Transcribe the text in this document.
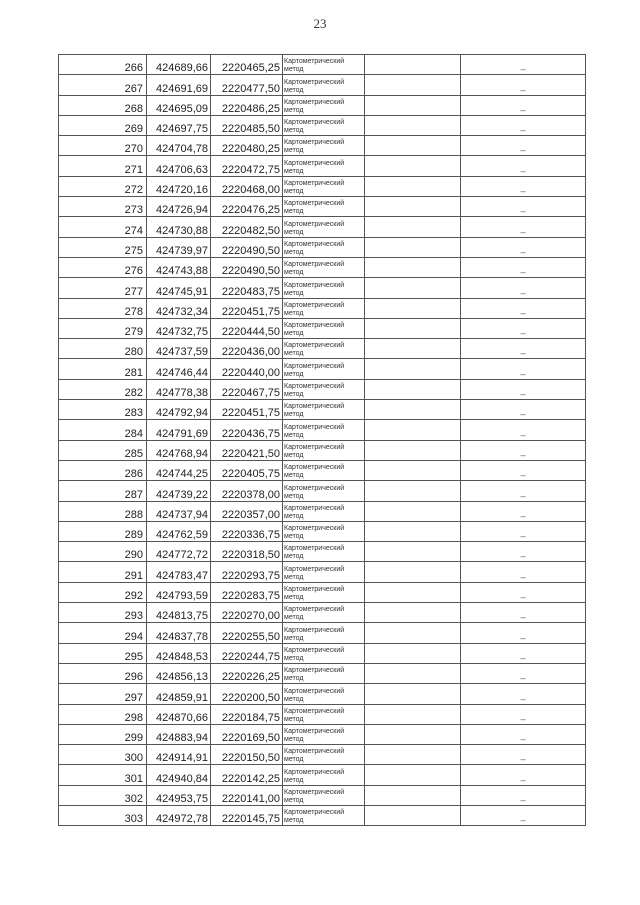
23
266	424689,66	2220465,25	Картометрический
метод		–
267	424691,69	2220477,50	Картометрический
метод		–
268	424695,09	2220486,25	Картометрический
метод		–
269	424697,75	2220485,50	Картометрический
метод		–
270	424704,78	2220480,25	Картометрический
метод		–
271	424706,63	2220472,75	Картометрический
метод		–
272	424720,16	2220468,00	Картометрический
метод		–
273	424726,94	2220476,25	Картометрический
метод		–
274	424730,88	2220482,50	Картометрический
метод		–
275	424739,97	2220490,50	Картометрический
метод		–
276	424743,88	2220490,50	Картометрический
метод		–
277	424745,91	2220483,75	Картометрический
метод		–
278	424732,34	2220451,75	Картометрический
метод		–
279	424732,75	2220444,50	Картометрический
метод		–
280	424737,59	2220436,00	Картометрический
метод		–
281	424746,44	2220440,00	Картометрический
метод		–
282	424778,38	2220467,75	Картометрический
метод		–
283	424792,94	2220451,75	Картометрический
метод		–
284	424791,69	2220436,75	Картометрический
метод		–
285	424768,94	2220421,50	Картометрический
метод		–
286	424744,25	2220405,75	Картометрический
метод		–
287	424739,22	2220378,00	Картометрический
метод		–
288	424737,94	2220357,00	Картометрический
метод		–
289	424762,59	2220336,75	Картометрический
метод		–
290	424772,72	2220318,50	Картометрический
метод		–
291	424783,47	2220293,75	Картометрический
метод		–
292	424793,59	2220283,75	Картометрический
метод		–
293	424813,75	2220270,00	Картометрический
метод		–
294	424837,78	2220255,50	Картометрический
метод		–
295	424848,53	2220244,75	Картометрический
метод		–
296	424856,13	2220226,25	Картометрический
метод		–
297	424859,91	2220200,50	Картометрический
метод		–
298	424870,66	2220184,75	Картометрический
метод		–
299	424883,94	2220169,50	Картометрический
метод		–
300	424914,91	2220150,50	Картометрический
метод		–
301	424940,84	2220142,25	Картометрический
метод		–
302	424953,75	2220141,00	Картометрический
метод		–
303	424972,78	2220145,75	Картометрический
метод		–
